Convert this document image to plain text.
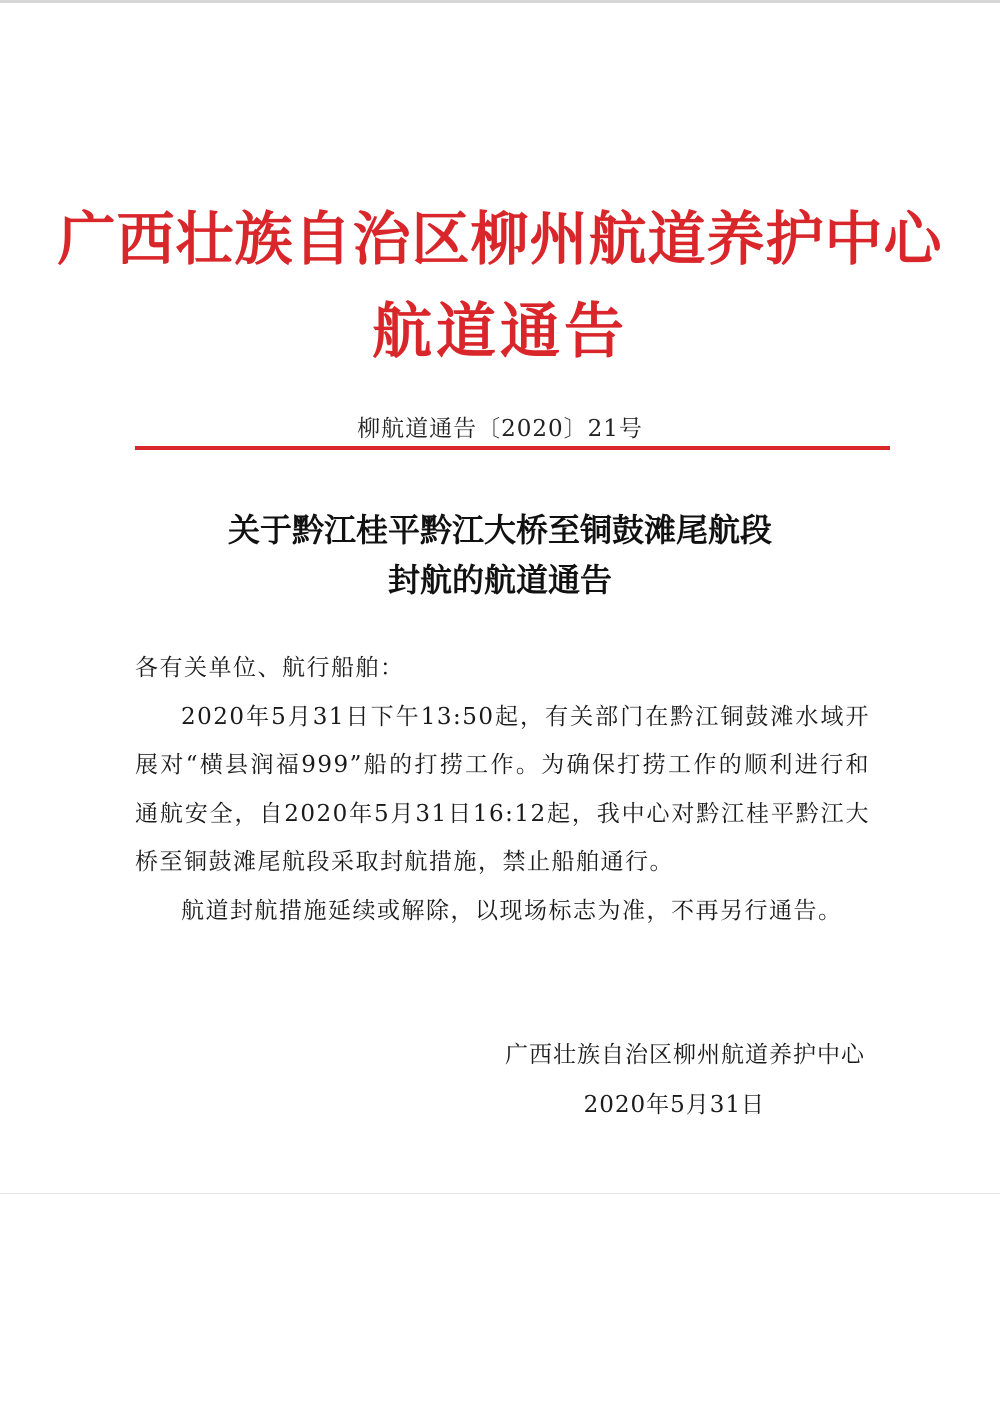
广西壮族自治区柳州航道养护中心
航道通告
柳航道通告〔2020〕21号
关于黔江桂平黔江大桥至铜鼓滩尾航段
封航的航道通告

各有关单位、航行船舶：

2020年5月31日下午13:50起，有关部门在黔江铜鼓滩水域开展对“横县润福999”船的打捞工作。为确保打捞工作的顺利进行和通航安全，自2020年5月31日16:12起，我中心对黔江桂平黔江大桥至铜鼓滩尾航段采取封航措施，禁止船舶通行。

航道封航措施延续或解除，以现场标志为准，不再另行通告。

广西壮族自治区柳州航道养护中心
2020年5月31日
